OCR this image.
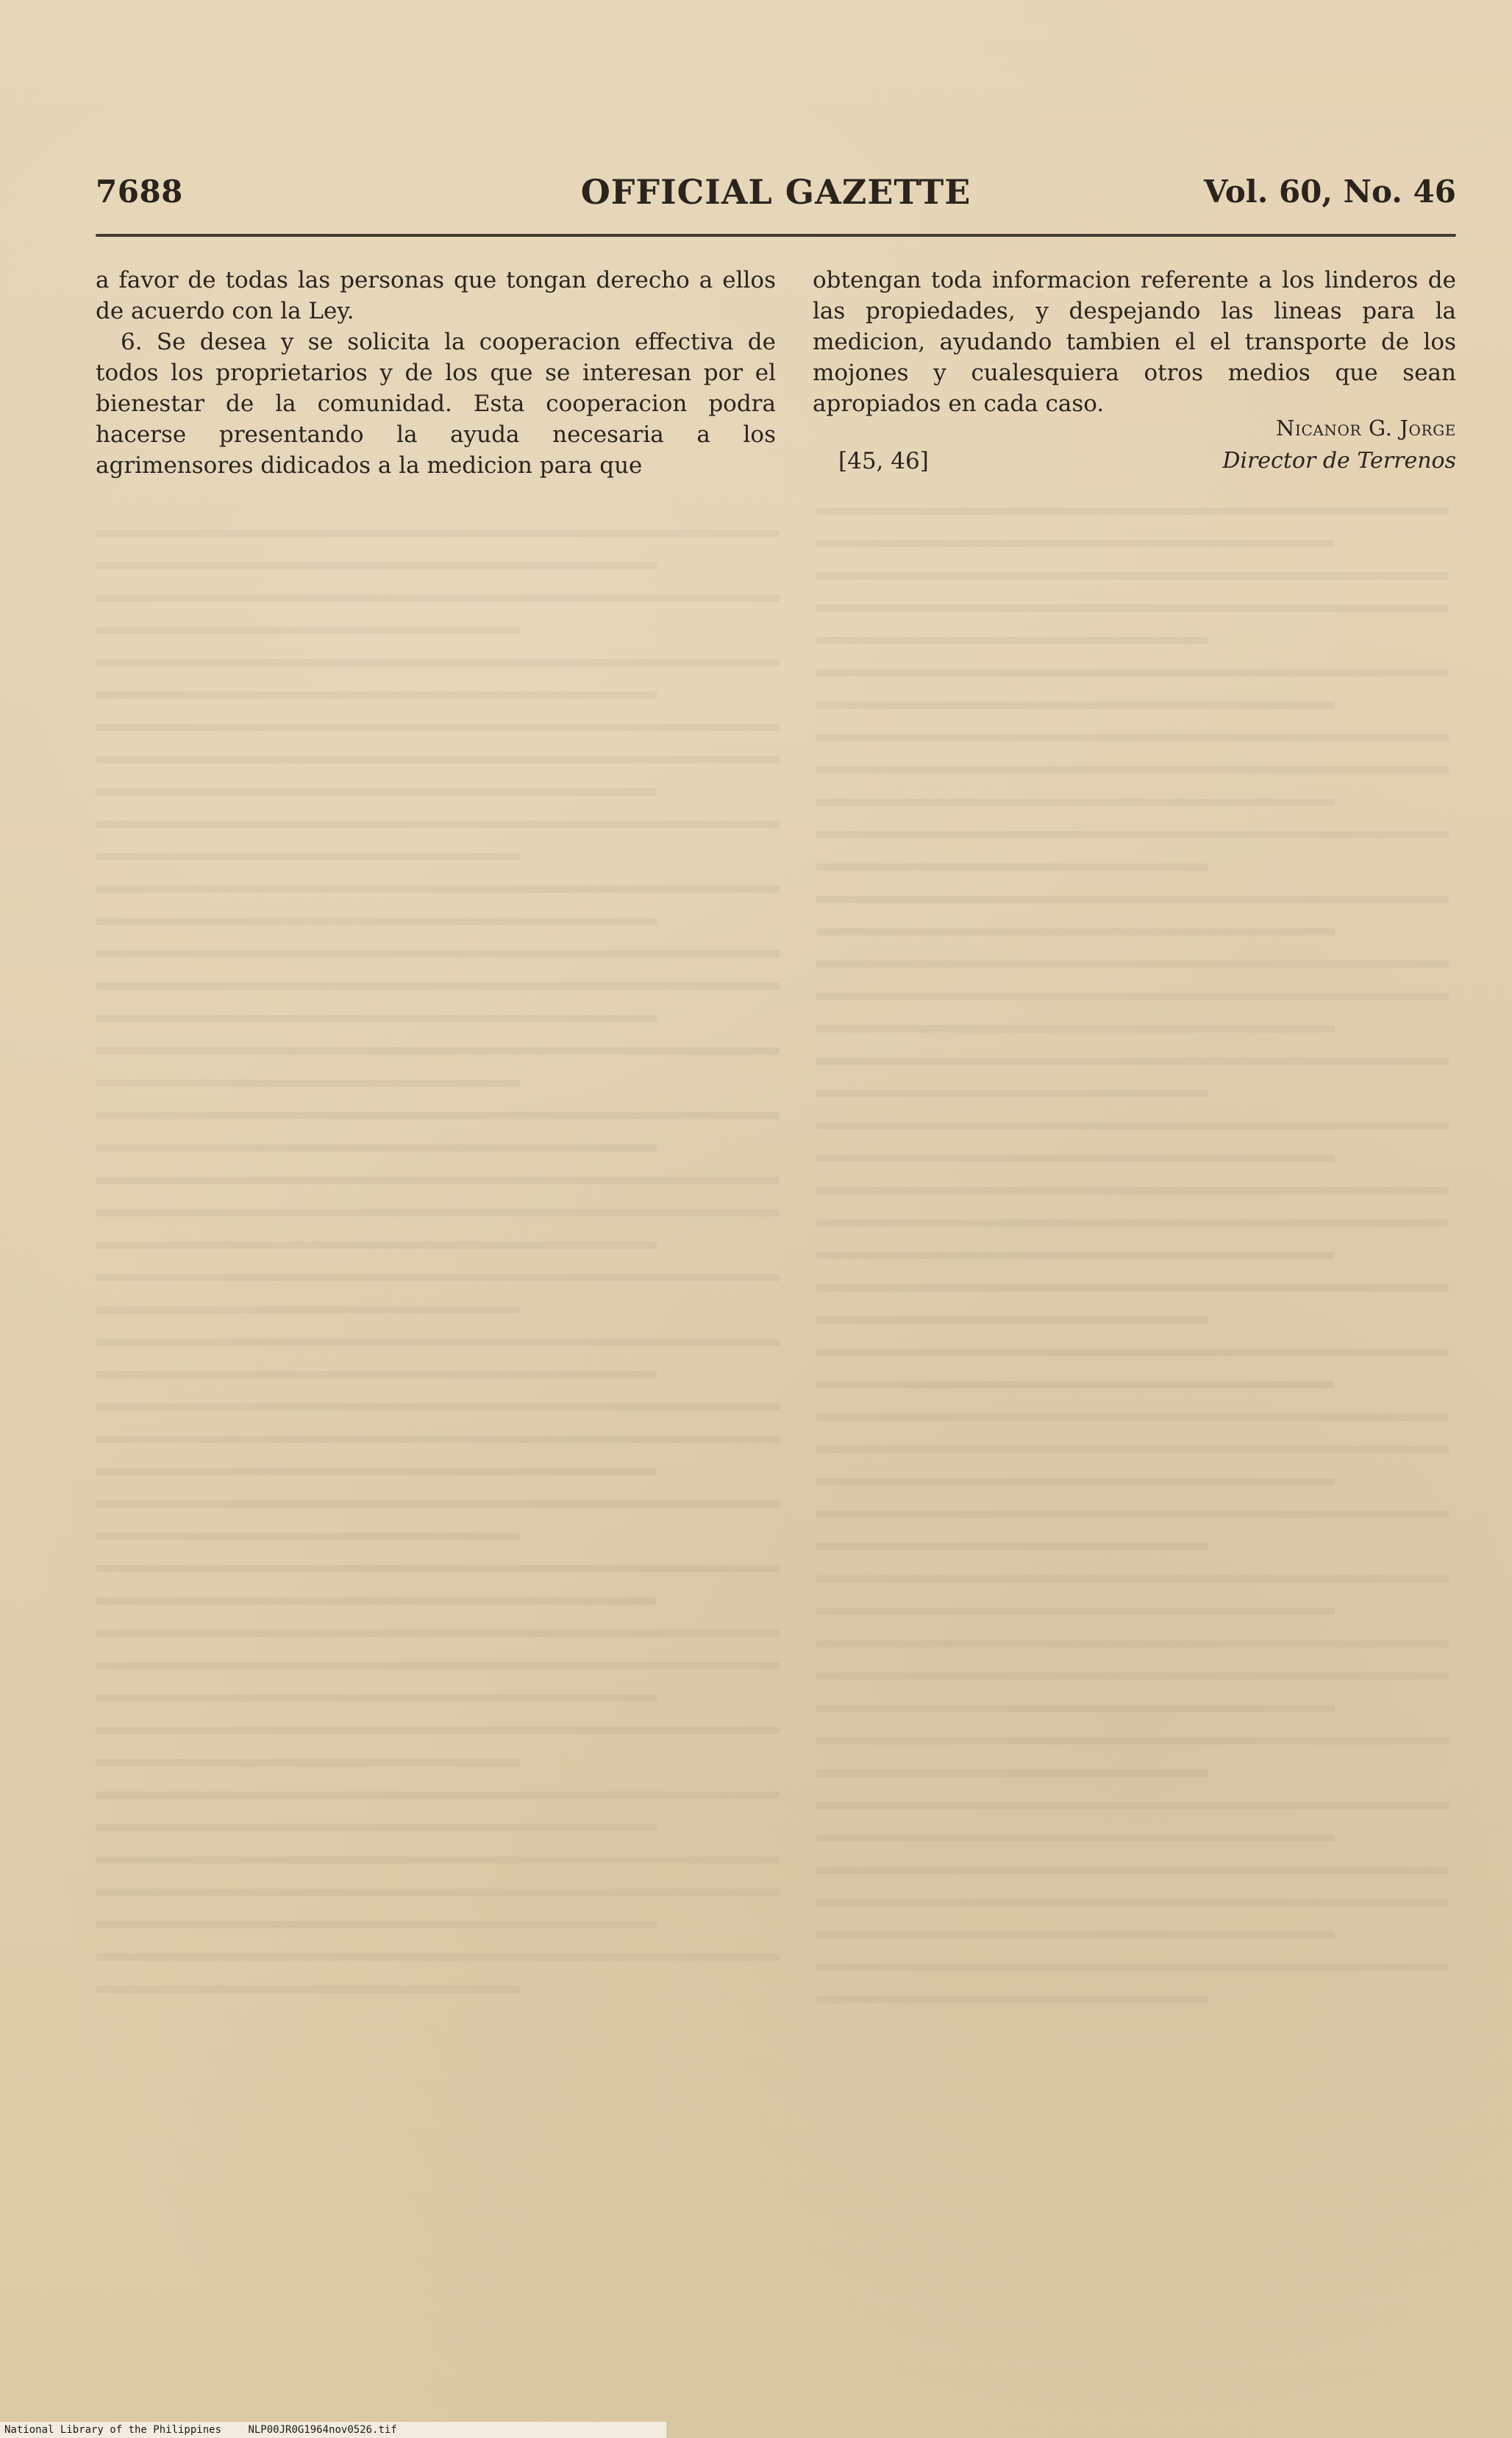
7688	OFFICIAL GAZETTE	Vol. 60, No. 46

a favor de todas las personas que tongan derecho a ellos de acuerdo con la Ley.

6. Se desea y se solicita la cooperacion effectiva de todos los proprietarios y de los que se interesan por el bienestar de la comunidad. Esta cooperacion podra hacerse presentando la ayuda necesaria a los agrimensores didicados a la medicion para que

obtengan toda informacion referente a los linderos de las propiedades, y despejando las lineas para la medicion, ayudando tambien el el transporte de los mojones y cualesquiera otros medios que sean apropiados en cada caso.

Nicanor G. Jorge
[45, 46]	Director de Terrenos
National Library of the Philippines	NLP00JR0G1964nov0526.tif
